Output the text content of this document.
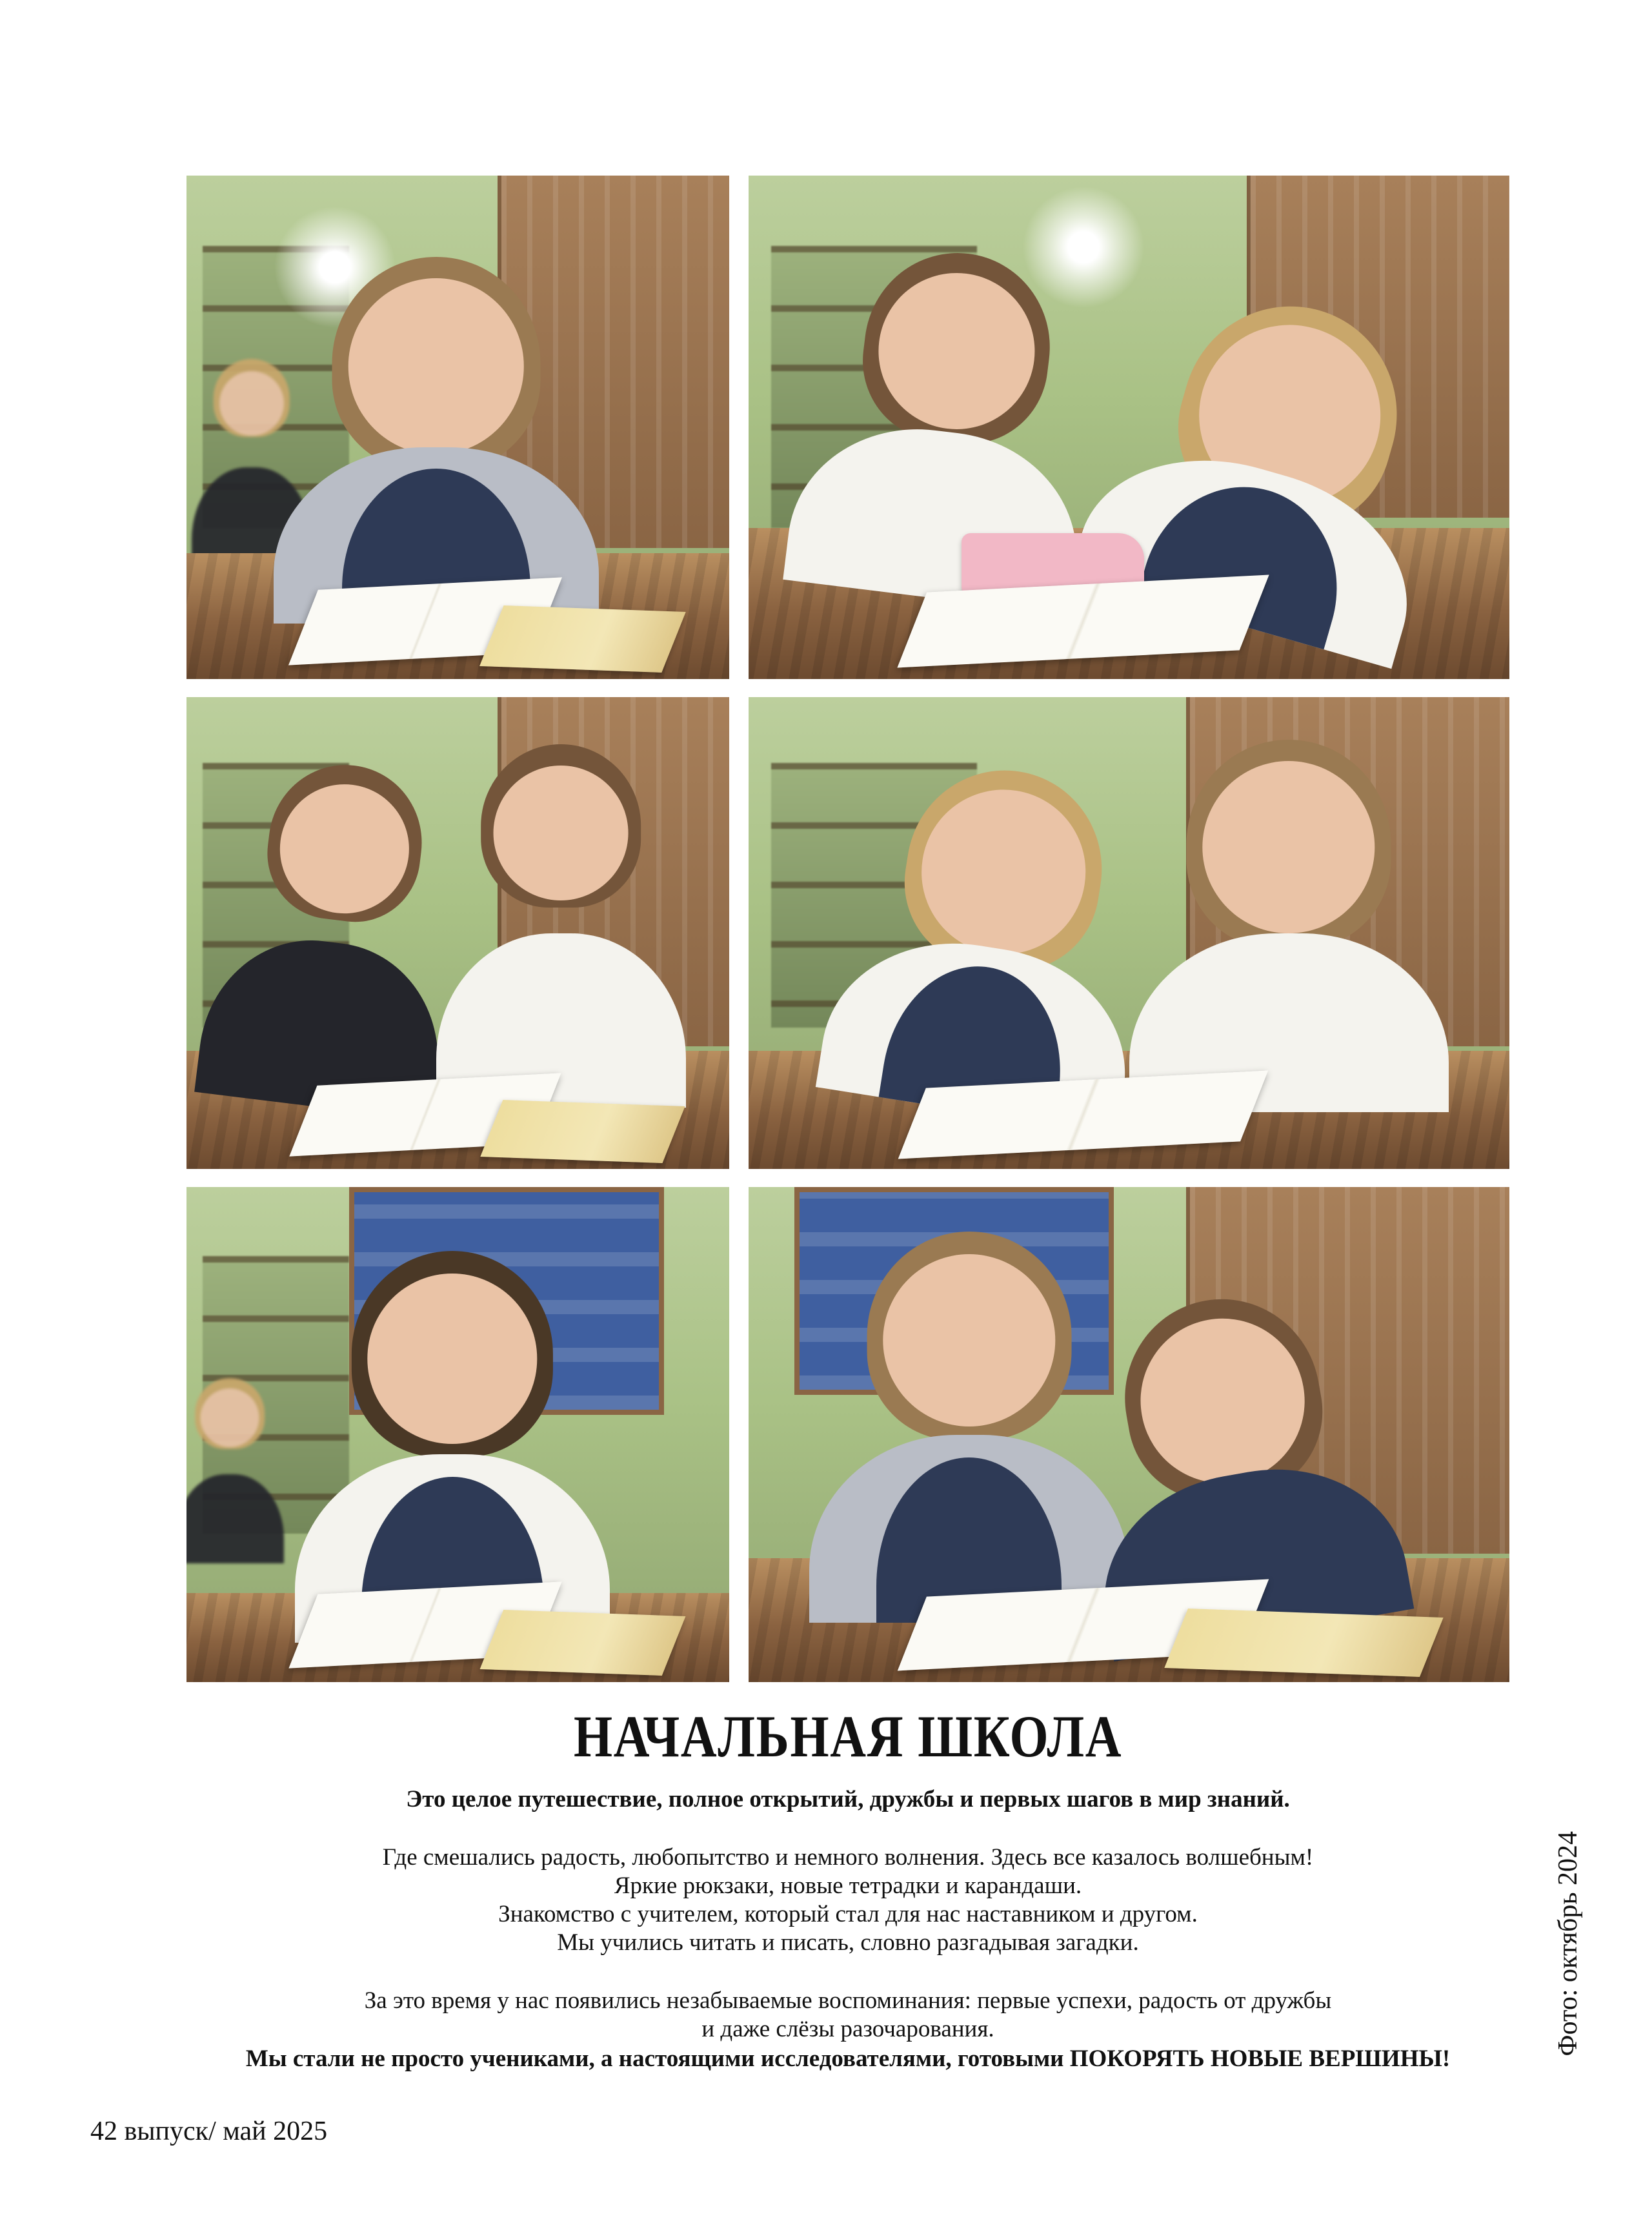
НАЧАЛЬНАЯ ШКОЛА
Это целое путешествие, полное открытий, дружбы и первых шагов в мир знаний.
Где смешались радость, любопытство и немного волнения. Здесь все казалось волшебным!
Яркие рюкзаки, новые тетрадки и карандаши.
Знакомство с учителем, который стал для нас наставником и другом.
Мы учились читать и писать, словно разгадывая загадки.
За это время у нас появились незабываемые воспоминания: первые успехи, радость от дружбы
и даже слёзы разочарования.
Мы стали не просто учениками, а настоящими исследователями, готовыми ПОКОРЯТЬ НОВЫЕ ВЕРШИНЫ!
Фото: октябрь 2024
42 выпуск/ май 2025
